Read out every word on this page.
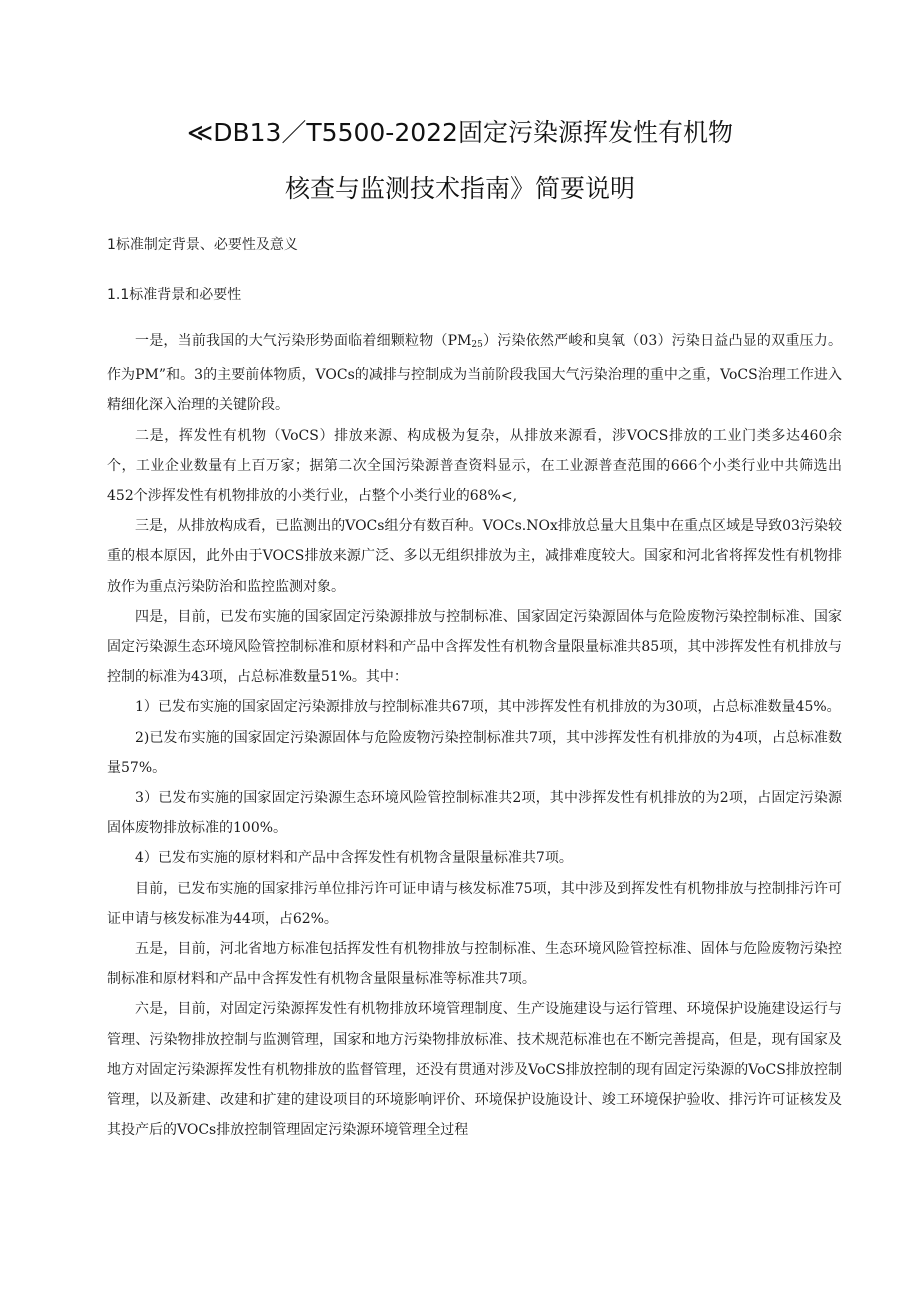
≪DB13／T5500-2022固定污染源挥发性有机物
核查与监测技术指南》简要说明
1标准制定背景、必要性及意义
1.1标准背景和必要性

一是，当前我国的大气污染形势面临着细颗粒物$(PM_{25})$污染依然严峻和臭氧（03）污染日益凸显的双重压力。作为PM”和。3的主要前体物质，VOCs的减排与控制成为当前阶段我国大气污染治理的重中之重，VoCS治理工作进入精细化深入治理的关键阶段。

二是，挥发性有机物（VoCS）排放来源、构成极为复杂，从排放来源看，涉VOCS排放的工业门类多达460余个，工业企业数量有上百万家；据第二次全国污染源普查资料显示，在工业源普查范围的666个小类行业中共筛选出452个涉挥发性有机物排放的小类行业，占整个小类行业的68%<,

三是，从排放构成看，已监测出的VOCs组分有数百种。VOCs.NOx排放总量大且集中在重点区域是导致03污染较重的根本原因，此外由于VOCS排放来源广泛、多以无组织排放为主，减排难度较大。国家和河北省将挥发性有机物排放作为重点污染防治和监控监测对象。

四是，目前，已发布实施的国家固定污染源排放与控制标准、国家固定污染源固体与危险废物污染控制标准、国家固定污染源生态环境风险管控制标准和原材料和产品中含挥发性有机物含量限量标准共85项，其中涉挥发性有机排放与控制的标准为43项，占总标准数量51%。其中：

1）已发布实施的国家固定污染源排放与控制标准共67项，其中涉挥发性有机排放的为30项，占总标准数量45%。

2)已发布实施的国家固定污染源固体与危险废物污染控制标准共7项，其中涉挥发性有机排放的为4项，占总标准数量57%。

3）已发布实施的国家固定污染源生态环境风险管控制标准共2项，其中涉挥发性有机排放的为2项，占固定污染源固体废物排放标准的100%。

4）已发布实施的原材料和产品中含挥发性有机物含量限量标准共7项。

目前，已发布实施的国家排污单位排污许可证申请与核发标准75项，其中涉及到挥发性有机物排放与控制排污许可证申请与核发标准为44项，占62%。

五是，目前，河北省地方标准包括挥发性有机物排放与控制标准、生态环境风险管控标准、固体与危险废物污染控制标准和原材料和产品中含挥发性有机物含量限量标准等标准共7项。

六是，目前，对固定污染源挥发性有机物排放环境管理制度、生产设施建设与运行管理、环境保护设施建设运行与管理、污染物排放控制与监测管理，国家和地方污染物排放标准、技术规范标准也在不断完善提高，但是，现有国家及地方对固定污染源挥发性有机物排放的监督管理，还没有贯通对涉及VoCS排放控制的现有固定污染源的VoCS排放控制管理，以及新建、改建和扩建的建设项目的环境影响评价、环境保护设施设计、竣工环境保护验收、排污许可证核发及其投产后的VOCs排放控制管理固定污染源环境管理全过程
